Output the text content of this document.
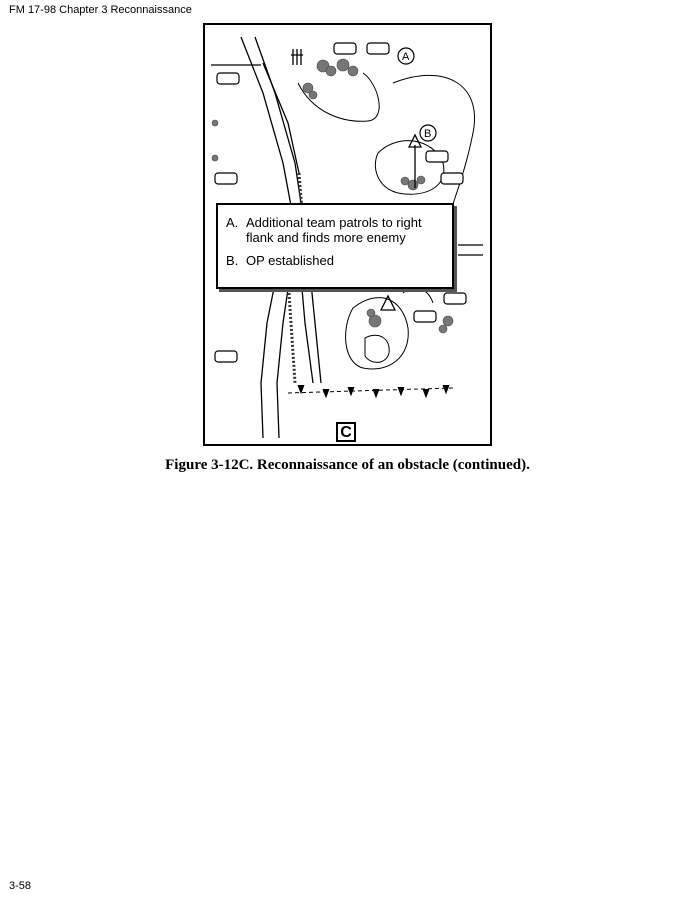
FM 17-98 Chapter 3 Reconnaissance
A
B
A. Additional team patrols to right flank and finds more enemy
B. OP established
C
Figure 3-12C. Reconnaissance of an obstacle (continued).
3-58
